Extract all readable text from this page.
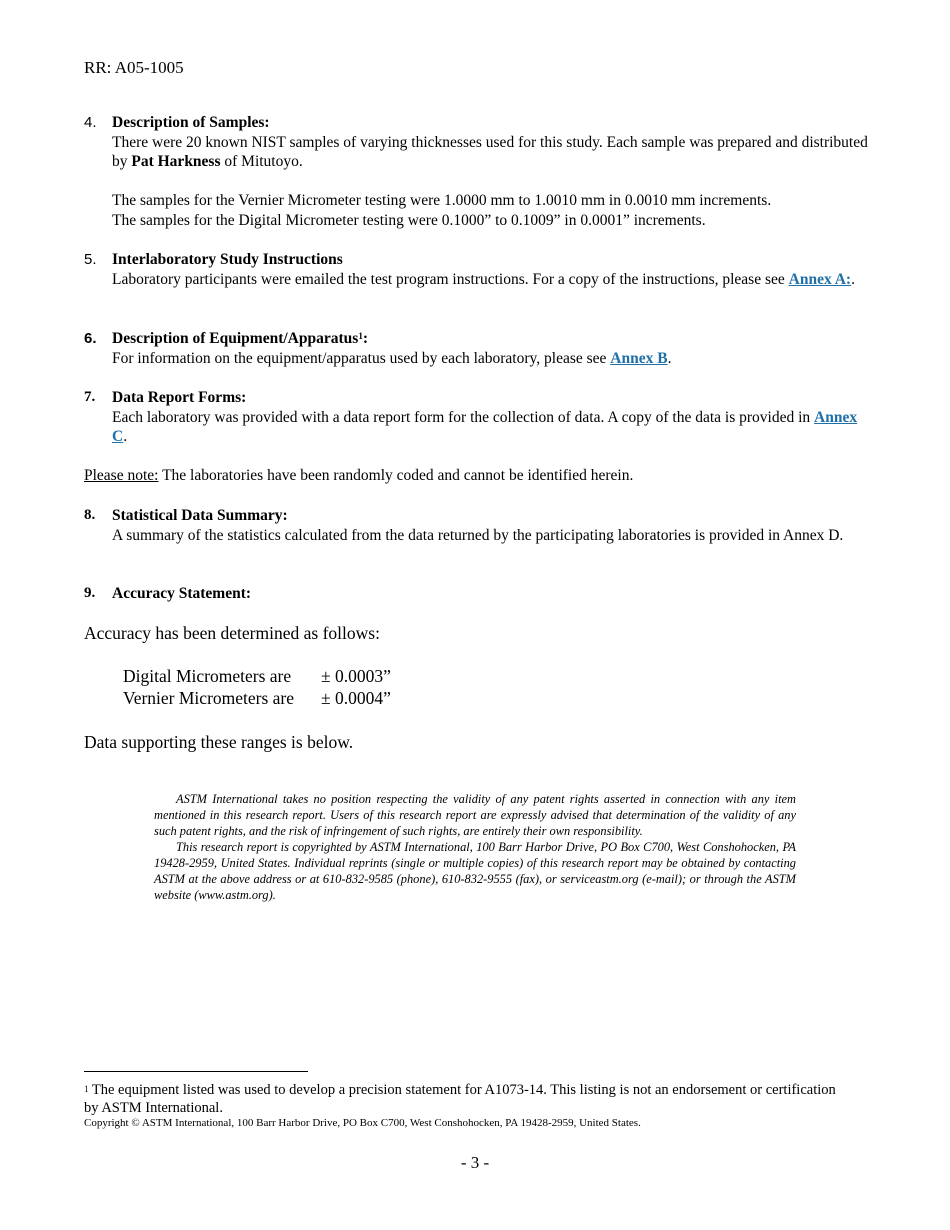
RR: A05-1005
4. Description of Samples:
There were 20 known NIST samples of varying thicknesses used for this study. Each sample was prepared and distributed by Pat Harkness of Mitutoyo.
The samples for the Vernier Micrometer testing were 1.0000 mm to 1.0010 mm in 0.0010 mm increments.
The samples for the Digital Micrometer testing were 0.1000” to 0.1009” in 0.0001” increments.
5. Interlaboratory Study Instructions
Laboratory participants were emailed the test program instructions. For a copy of the instructions, please see Annex A:.
6. Description of Equipment/Apparatus$^1$:
For information on the equipment/apparatus used by each laboratory, please see Annex B.
7. Data Report Forms:
Each laboratory was provided with a data report form for the collection of data. A copy of the data is provided in Annex C.
Please note: The laboratories have been randomly coded and cannot be identified herein.
8. Statistical Data Summary:
A summary of the statistics calculated from the data returned by the participating laboratories is provided in Annex D.
9. Accuracy Statement:
Accuracy has been determined as follows:
Digital Micrometers are ± 0.0003”
Vernier Micrometers are ± 0.0004”
Data supporting these ranges is below.

ASTM International takes no position respecting the validity of any patent rights asserted in connection with any item mentioned in this research report. Users of this research report are expressly advised that determination of the validity of any such patent rights, and the risk of infringement of such rights, are entirely their own responsibility.

This research report is copyrighted by ASTM International, 100 Barr Harbor Drive, PO Box C700, West Conshohocken, PA 19428-2959, United States. Individual reprints (single or multiple copies) of this research report may be obtained by contacting ASTM at the above address or at 610-832-9585 (phone), 610-832-9555 (fax), or serviceastm.org (e-mail); or through the ASTM website (www.astm.org).

$^1$ The equipment listed was used to develop a precision statement for A1073-14. This listing is not an endorsement or certification by ASTM International.
Copyright © ASTM International, 100 Barr Harbor Drive, PO Box C700, West Conshohocken, PA 19428-2959, United States.
- 3 -
